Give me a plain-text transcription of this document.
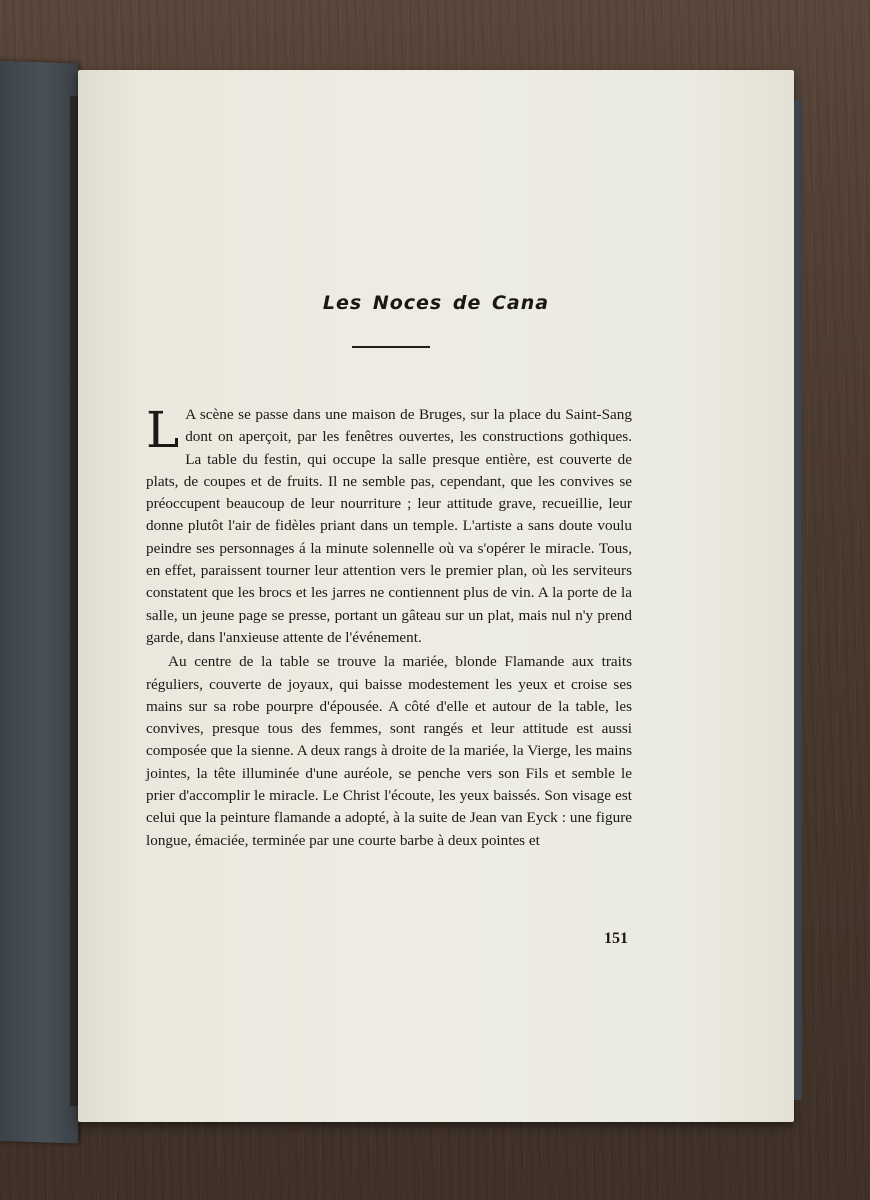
Les Noces de Cana

L A scène se passe dans une maison de Bruges, sur la place du Saint-Sang dont on aperçoit, par les fenêtres ouvertes, les constructions gothiques. La table du festin, qui occupe la salle presque entière, est couverte de plats, de coupes et de fruits. Il ne semble pas, cependant, que les convives se préoccupent beaucoup de leur nourriture ; leur attitude grave, recueillie, leur donne plutôt l'air de fidèles priant dans un temple. L'artiste a sans doute voulu peindre ses personnages á la minute solennelle où va s'opérer le miracle. Tous, en effet, paraissent tourner leur attention vers le premier plan, où les serviteurs constatent que les brocs et les jarres ne contiennent plus de vin. A la porte de la salle, un jeune page se presse, portant un gâteau sur un plat, mais nul n'y prend garde, dans l'anxieuse attente de l'événement.

Au centre de la table se trouve la mariée, blonde Flamande aux traits réguliers, couverte de joyaux, qui baisse modestement les yeux et croise ses mains sur sa robe pourpre d'épousée. A côté d'elle et autour de la table, les convives, presque tous des femmes, sont rangés et leur attitude est aussi composée que la sienne. A deux rangs à droite de la mariée, la Vierge, les mains jointes, la tête illuminée d'une auréole, se penche vers son Fils et semble le prier d'accomplir le miracle. Le Christ l'écoute, les yeux baissés. Son visage est celui que la peinture flamande a adopté, à la suite de Jean van Eyck : une figure longue, émaciée, terminée par une courte barbe à deux pointes et

151
